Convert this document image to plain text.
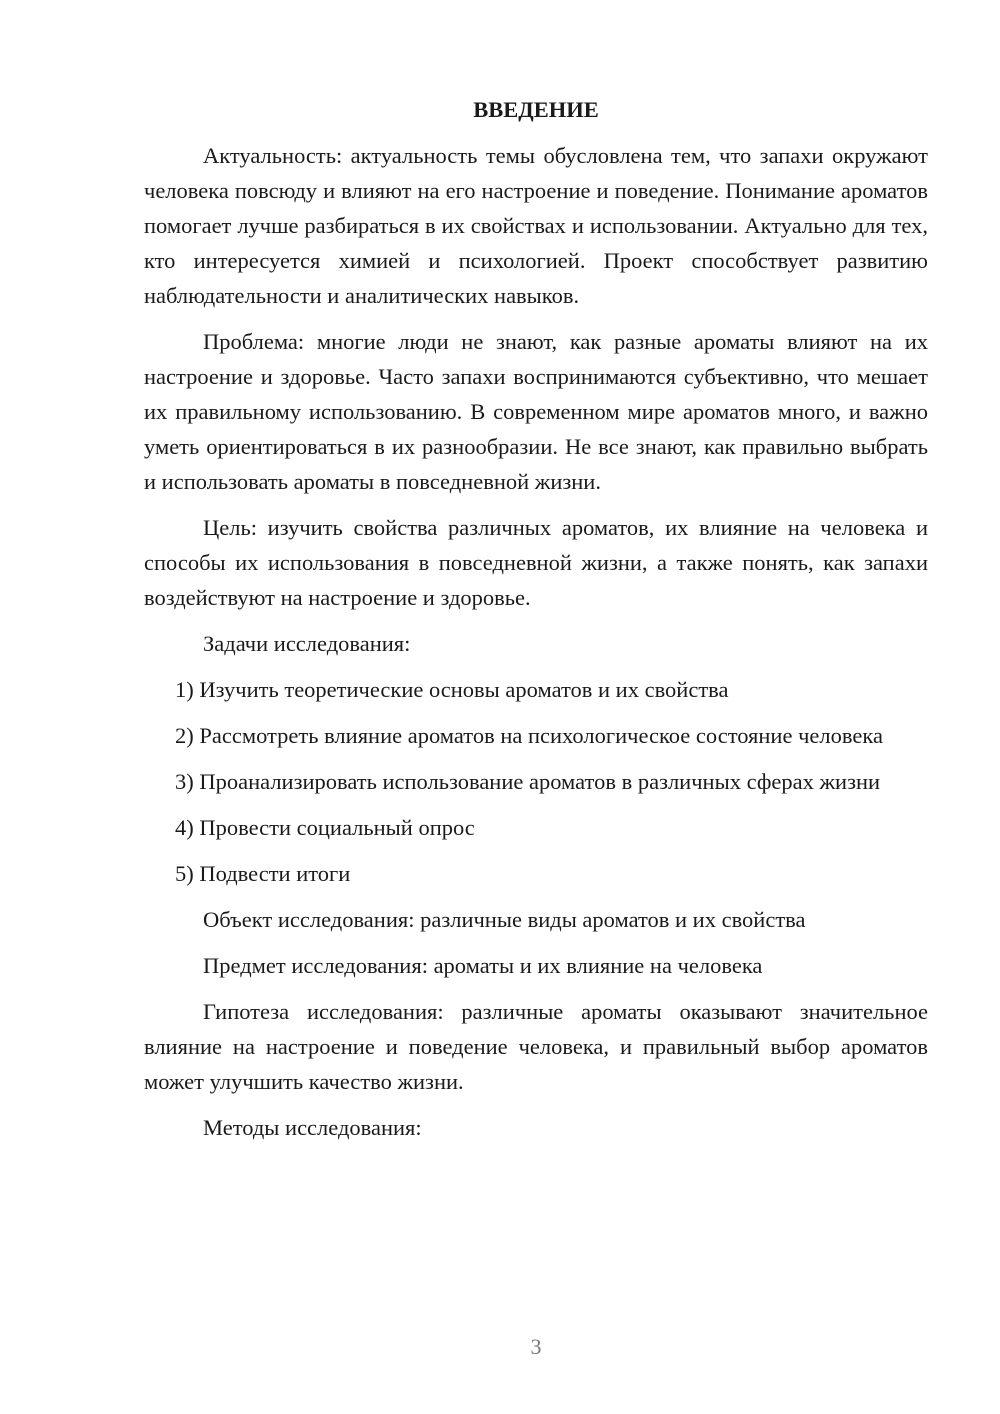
ВВЕДЕНИЕ

Актуальность: актуальность темы обусловлена тем, что запахи окружают человека повсюду и влияют на его настроение и поведение. Понимание ароматов помогает лучше разбираться в их свойствах и использовании. Актуально для тех, кто интересуется химией и психологией. Проект способствует развитию наблюдательности и аналитических навыков.

Проблема: многие люди не знают, как разные ароматы влияют на их настроение и здоровье. Часто запахи воспринимаются субъективно, что мешает их правильному использованию. В современном мире ароматов много, и важно уметь ориентироваться в их разнообразии. Не все знают, как правильно выбрать и использовать ароматы в повседневной жизни.

Цель: изучить свойства различных ароматов, их влияние на человека и способы их использования в повседневной жизни, а также понять, как запахи воздействуют на настроение и здоровье.

Задачи исследования:

1) Изучить теоретические основы ароматов и их свойства

2) Рассмотреть влияние ароматов на психологическое состояние человека

3) Проанализировать использование ароматов в различных сферах жизни

4) Провести социальный опрос

5) Подвести итоги

Объект исследования: различные виды ароматов и их свойства

Предмет исследования: ароматы и их влияние на человека

Гипотеза исследования: различные ароматы оказывают значительное влияние на настроение и поведение человека, и правильный выбор ароматов может улучшить качество жизни.

Методы исследования:

3
